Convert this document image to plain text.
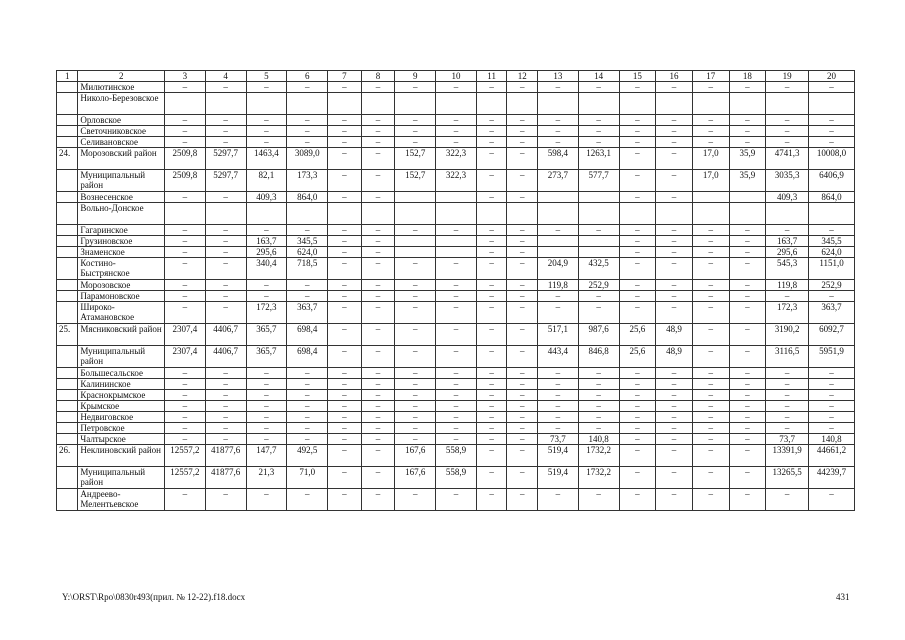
1	2	3	4	5	6	7	8	9	10	11	12	13	14	15	16	17	18	19	20
	Милютинское	–	–	–	–	–	–	–	–	–	–	–	–	–	–	–	–	–	–
	Николо-Березовское																		
	Орловское	–	–	–	–	–	–	–	–	–	–	–	–	–	–	–	–	–	–
	Светочниковское	–	–	–	–	–	–	–	–	–	–	–	–	–	–	–	–	–	–
	Селивановское	–	–	–	–	–	–	–	–	–	–	–	–	–	–	–	–	–	–
24.	Морозовский район	2509,8	5297,7	1463,4	3089,0	–	–	152,7	322,3	–	–	598,4	1263,1	–	–	17,0	35,9	4741,3	10008,0
	Муниципальный район	2509,8	5297,7	82,1	173,3	–	–	152,7	322,3	–	–	273,7	577,7	–	–	17,0	35,9	3035,3	6406,9
	Вознесенское	–	–	409,3	864,0	–	–			–	–			–	–			409,3	864,0
	Вольно-Донское																		
	Гагаринское	–	–	–	–	–	–	–	–	–	–	–	–	–	–	–	–	–	–
	Грузиновское	–	–	163,7	345,5	–	–			–	–			–	–	–	–	163,7	345,5
	Знаменское	–	–	295,6	624,0	–	–			–	–			–	–	–	–	295,6	624,0
	Костино-Быстрянское	–	–	340,4	718,5	–	–	–	–	–	–	204,9	432,5	–	–	–	–	545,3	1151,0
	Морозовское	–	–	–	–	–	–	–	–	–	–	119,8	252,9	–	–	–	–	119,8	252,9
	Парамоновское	–	–	–	–	–	–	–	–	–	–	–	–	–	–	–	–	–	–
	Широко-Атамановское	–	–	172,3	363,7	–	–	–	–	–	–	–	–	–	–	–	–	172,3	363,7
25.	Мясниковский район	2307,4	4406,7	365,7	698,4	–	–	–	–	–	–	517,1	987,6	25,6	48,9	–	–	3190,2	6092,7
	Муниципальный район	2307,4	4406,7	365,7	698,4	–	–	–	–	–	–	443,4	846,8	25,6	48,9	–	–	3116,5	5951,9
	Большесальское	–	–	–	–	–	–	–	–	–	–	–	–	–	–	–	–	–	–
	Калининское	–	–	–	–	–	–	–	–	–	–	–	–	–	–	–	–	–	–
	Краснокрымское	–	–	–	–	–	–	–	–	–	–	–	–	–	–	–	–	–	–
	Крымское	–	–	–	–	–	–	–	–	–	–	–	–	–	–	–	–	–	–
	Недвиговское	–	–	–	–	–	–	–	–	–	–	–	–	–	–	–	–	–	–
	Петровское	–	–	–	–	–	–	–	–	–	–	–	–	–	–	–	–	–	–
	Чалтырское	–	–	–	–	–	–	–	–	–	–	73,7	140,8	–	–	–	–	73,7	140,8
26.	Неклиновский район	12557,2	41877,6	147,7	492,5	–	–	167,6	558,9	–	–	519,4	1732,2	–	–	–	–	13391,9	44661,2
	Муниципальный район	12557,2	41877,6	21,3	71,0	–	–	167,6	558,9	–	–	519,4	1732,2	–	–	–	–	13265,5	44239,7
	Андреево-Мелентьевское	–	–	–	–	–	–	–	–	–	–	–	–	–	–	–	–	–	–
Y:\ORST\Rpo\0830r493(прил. № 12-22).f18.docx	431
